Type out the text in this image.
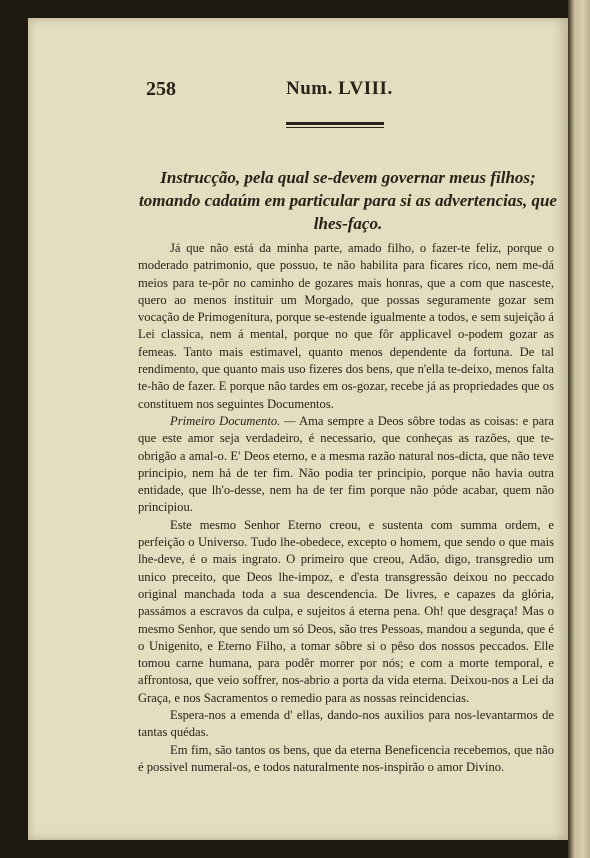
258	Num. LVIII.
Instrucção, pela qual se-devem governar meus filhos; tomando cadaúm em particular para si as advertencias, que lhes-faço.

Já que não está da minha parte, amado filho, o fazer-te feliz, porque o moderado patrimonio, que possuo, te não habilita para ficares rico, nem me-dá meios para te-pôr no caminho de gozares mais honras, que a com que nasceste, quero ao menos instituir um Morgado, que possas seguramente gozar sem vocação de Primogenitura, porque se-estende igualmente a todos, e sem sujeição á Lei classica, nem á mental, porque no que fôr applicavel o-podem gozar as femeas. Tanto mais estimavel, quanto menos dependente da fortuna. De tal rendimento, que quanto mais uso fizeres dos bens, que n'ella te-deixo, menos falta te-hão de fazer. E porque não tardes em os-gozar, recebe já as propriedades que os constituem nos seguintes Documentos.

Primeiro Documento. — Ama sempre a Deos sôbre todas as coisas: e para que este amor seja verdadeiro, é necessario, que conheças as razões, que te-obrigão a amal-o. E' Deos eterno, e a mesma razão natural nos-dicta, que não teve principio, nem há de ter fim. Não podia ter principio, porque não havia outra entidade, que lh'o-desse, nem ha de ter fim porque não póde acabar, quem não principiou.

Este mesmo Senhor Eterno creou, e sustenta com summa ordem, e perfeição o Universo. Tudo lhe-obedece, excepto o homem, que sendo o que mais lhe-deve, é o mais ingrato. O primeiro que creou, Adão, digo, transgredio um unico preceito, que Deos lhe-impoz, e d'esta transgressão deixou no peccado original manchada toda a sua descendencia. De livres, e capazes da glória, passámos a escravos da culpa, e sujeitos á eterna pena. Oh! que desgraça! Mas o mesmo Senhor, que sendo um só Deos, são tres Pessoas, mandou a segunda, que é o Unigenito, e Eterno Filho, a tomar sôbre si o pêso dos nossos peccados. Elle tomou carne humana, para podêr morrer por nós; e com a morte temporal, e affrontosa, que veio soffrer, nos-abrio a porta da vida eterna. Deixou-nos a Lei da Graça, e nos Sacramentos o remedio para as nossas reincidencias.

Espera-nos a emenda d' ellas, dando-nos auxilios para nos-levantarmos de tantas quédas.

Em fim, são tantos os bens, que da eterna Beneficencia recebemos, que não é possivel numeral-os, e todos naturalmente nos-inspirão o amor Divino.
